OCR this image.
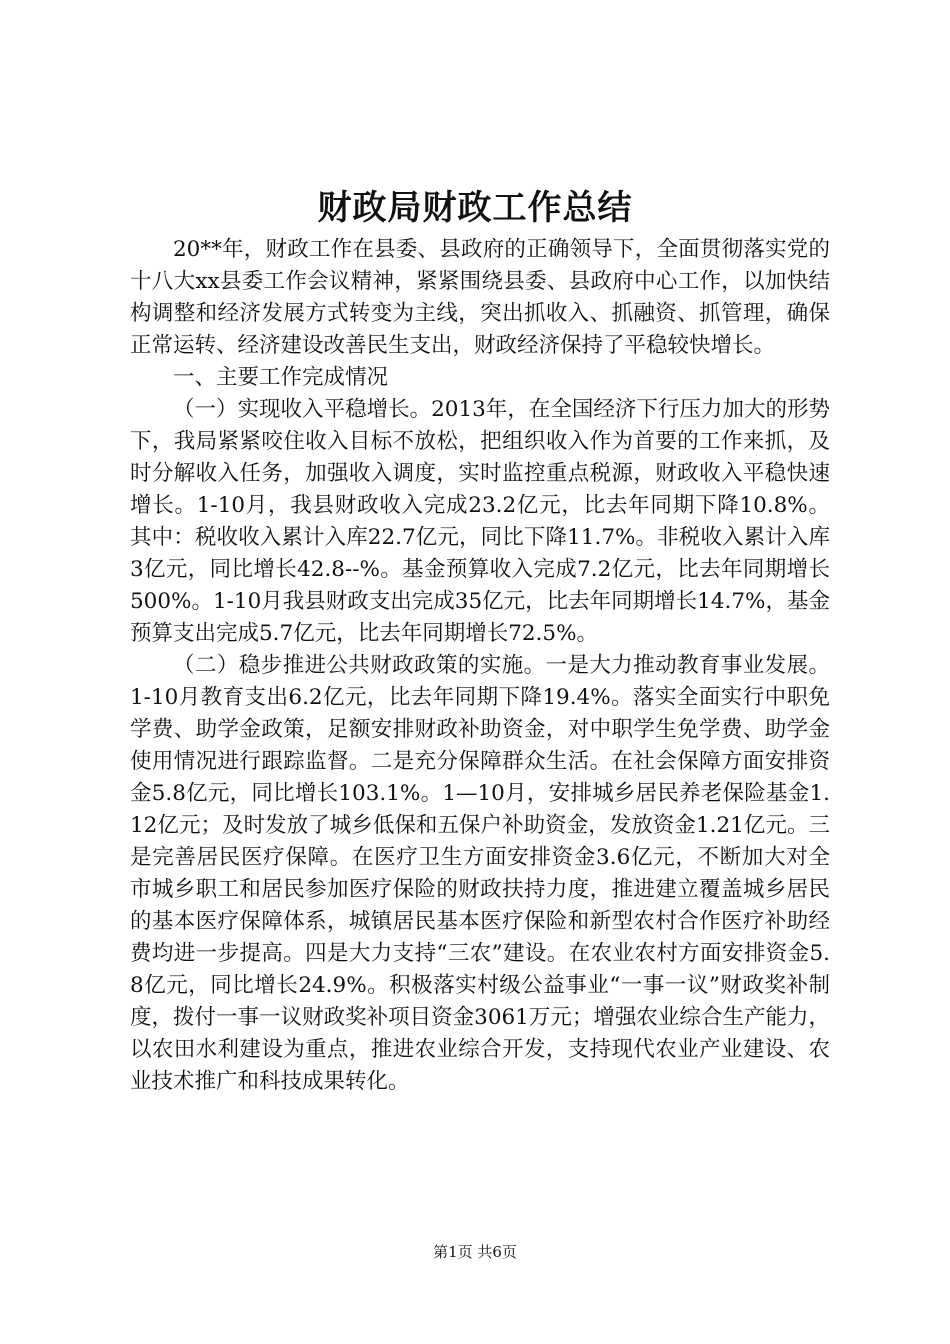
财政局财政工作总结

20**年，财政工作在县委、县政府的正确领导下，全面贯彻落实党的十八大xx县委工作会议精神，紧紧围绕县委、县政府中心工作，以加快结构调整和经济发展方式转变为主线，突出抓收入、抓融资、抓管理，确保正常运转、经济建设改善民生支出，财政经济保持了平稳较快增长。

一、主要工作完成情况

（一）实现收入平稳增长。2013年，在全国经济下行压力加大的形势下，我局紧紧咬住收入目标不放松，把组织收入作为首要的工作来抓，及时分解收入任务，加强收入调度，实时监控重点税源，财政收入平稳快速增长。1-10月，我县财政收入完成23.2亿元，比去年同期下降10.8%。其中：税收收入累计入库22.7亿元，同比下降11.7%。非税收入累计入库3亿元，同比增长42.8--%。基金预算收入完成7.2亿元，比去年同期增长500%。1-10月我县财政支出完成35亿元，比去年同期增长14.7%，基金预算支出完成5.7亿元，比去年同期增长72.5%。

（二）稳步推进公共财政政策的实施。一是大力推动教育事业发展。1-10月教育支出6.2亿元，比去年同期下降19.4%。落实全面实行中职免学费、助学金政策，足额安排财政补助资金，对中职学生免学费、助学金使用情况进行跟踪监督。二是充分保障群众生活。在社会保障方面安排资金5.8亿元，同比增长103.1%。1—10月，安排城乡居民养老保险基金1.12亿元；及时发放了城乡低保和五保户补助资金，发放资金1.21亿元。三是完善居民医疗保障。在医疗卫生方面安排资金3.6亿元，不断加大对全市城乡职工和居民参加医疗保险的财政扶持力度，推进建立覆盖城乡居民的基本医疗保障体系，城镇居民基本医疗保险和新型农村合作医疗补助经费均进一步提高。四是大力支持“三农”建设。在农业农村方面安排资金5.8亿元，同比增长24.9%。积极落实村级公益事业“一事一议”财政奖补制度，拨付一事一议财政奖补项目资金3061万元；增强农业综合生产能力，以农田水利建设为重点，推进农业综合开发，支持现代农业产业建设、农业技术推广和科技成果转化。

第1页 共6页
